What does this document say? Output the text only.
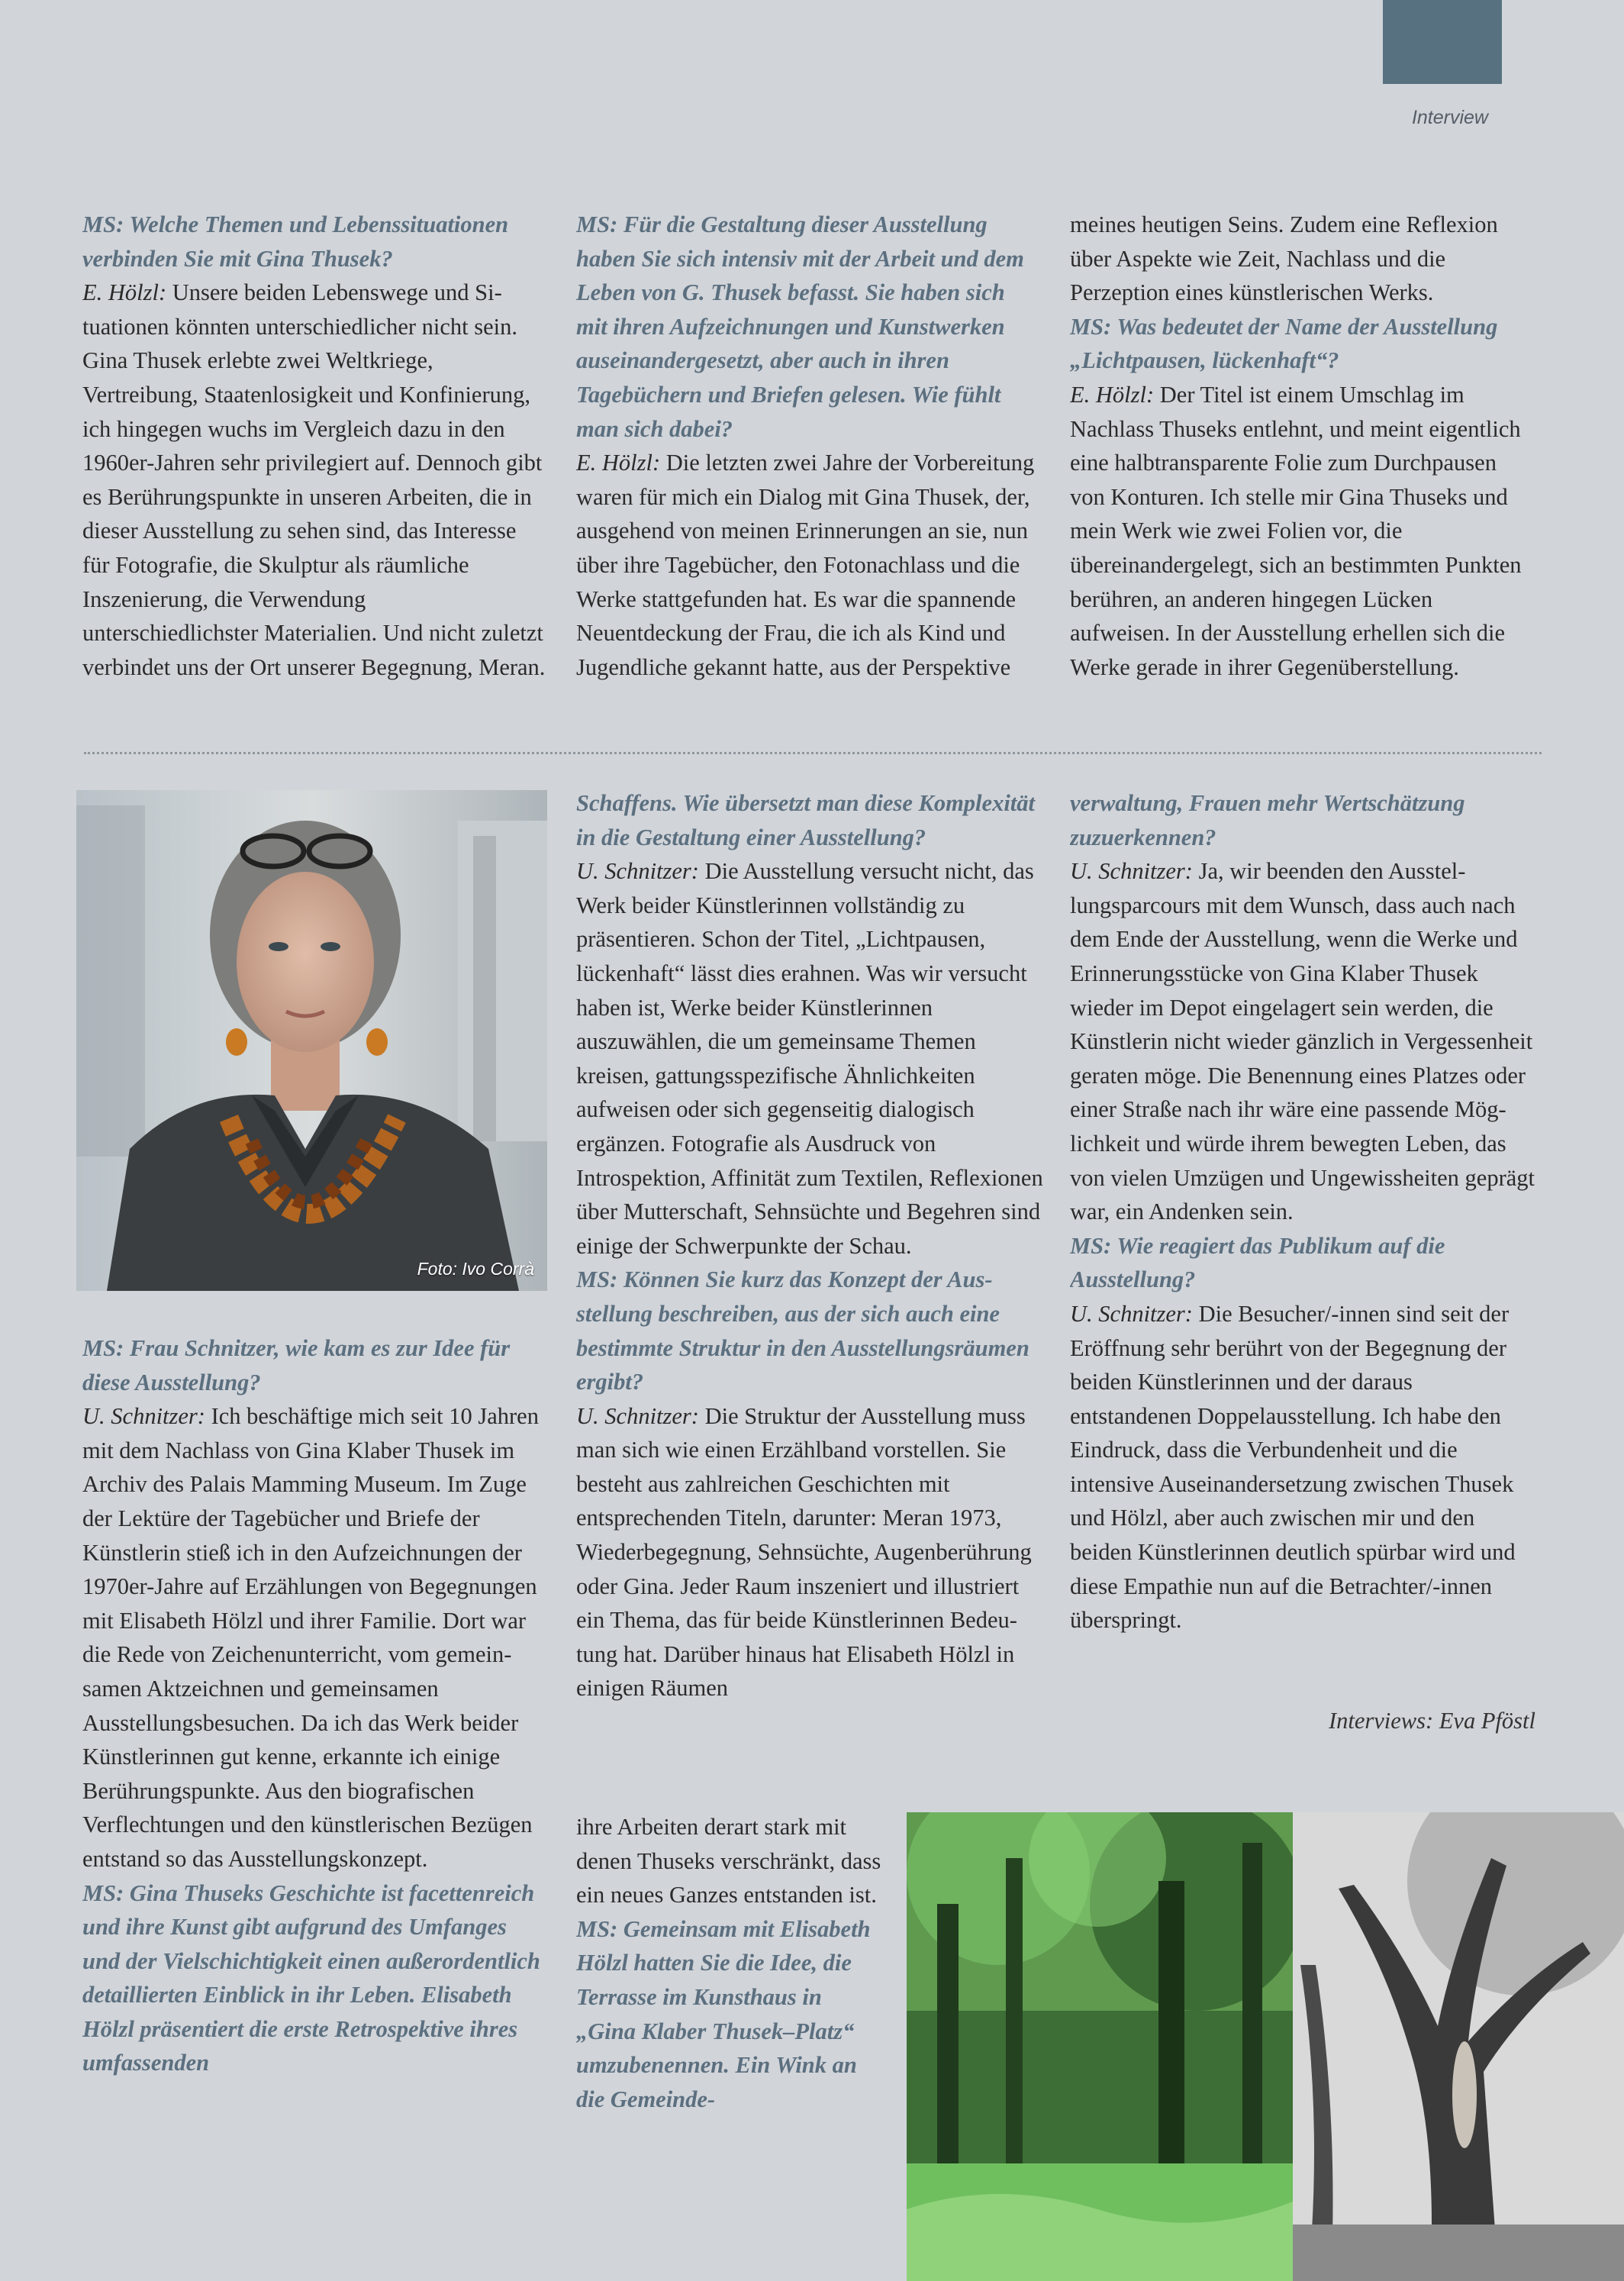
Interview

MS: Welche Themen und Lebenssituationen verbinden Sie mit Gina Thusek?

E. Hölzl: Unsere beiden Lebenswege und Situationen könnten unterschiedlicher nicht sein. Gina Thusek erlebte zwei Weltkriege, Vertreibung, Staatenlosigkeit und Konfinierung, ich hingegen wuchs im Vergleich dazu in den 1960er-Jahren sehr privilegiert auf. Dennoch gibt es Berührungspunkte in unseren Arbeiten, die in dieser Ausstellung zu sehen sind, das Interesse für Fotografie, die Skulptur als räumliche Inszenierung, die Verwendung unterschiedlichster Materialien. Und nicht zuletzt verbindet uns der Ort unserer Begegnung, Meran.

MS: Für die Gestaltung dieser Ausstellung haben Sie sich intensiv mit der Arbeit und dem Leben von G. Thusek befasst. Sie haben sich mit ihren Aufzeichnungen und Kunstwerken auseinandergesetzt, aber auch in ihren Tagebüchern und Briefen gelesen. Wie fühlt man sich dabei?

E. Hölzl: Die letzten zwei Jahre der Vorbereitung waren für mich ein Dialog mit Gina Thusek, der, ausgehend von meinen Erinnerungen an sie, nun über ihre Tagebücher, den Fotonachlass und die Werke stattgefunden hat. Es war die spannende Neuentdeckung der Frau, die ich als Kind und Jugendliche gekannt hatte, aus der Perspektive

meines heutigen Seins. Zudem eine Reflexion über Aspekte wie Zeit, Nachlass und die Perzeption eines künstlerischen Werks.

MS: Was bedeutet der Name der Ausstellung „Lichtpausen, lückenhaft“?

E. Hölzl: Der Titel ist einem Umschlag im Nachlass Thuseks entlehnt, und meint eigentlich eine halbtransparente Folie zum Durchpausen von Konturen. Ich stelle mir Gina Thuseks und mein Werk wie zwei Folien vor, die übereinandergelegt, sich an bestimmten Punkten berühren, an anderen hingegen Lücken aufweisen. In der Ausstellung erhellen sich die Werke gerade in ihrer Gegenüberstellung.

Foto: Ivo Corrà

MS: Frau Schnitzer, wie kam es zur Idee für diese Ausstellung?

U. Schnitzer: Ich beschäftige mich seit 10 Jahren mit dem Nachlass von Gina Klaber Thusek im Archiv des Palais Mamming Museum. Im Zuge der Lektüre der Tagebücher und Briefe der Künstlerin stieß ich in den Aufzeichnungen der 1970er-Jahre auf Erzählungen von Begegnungen mit Elisabeth Hölzl und ihrer Familie. Dort war die Rede von Zeichenunterricht, vom gemeinsamen Aktzeichnen und gemeinsamen Ausstellungsbesuchen. Da ich das Werk beider Künstlerinnen gut kenne, erkannte ich einige Berührungspunkte. Aus den biografischen Verflechtungen und den künstlerischen Bezügen entstand so das Ausstellungskonzept.

MS: Gina Thuseks Geschichte ist facettenreich und ihre Kunst gibt aufgrund des Umfanges und der Vielschichtigkeit einen außerordentlich detaillierten Einblick in ihr Leben. Elisabeth Hölzl präsentiert die erste Retrospektive ihres umfassenden

Schaffens. Wie übersetzt man diese Komplexität in die Gestaltung einer Ausstellung?

U. Schnitzer: Die Ausstellung versucht nicht, das Werk beider Künstlerinnen vollständig zu präsentieren. Schon der Titel, „Lichtpausen, lückenhaft“ lässt dies erahnen. Was wir versucht haben ist, Werke beider Künstlerinnen auszuwählen, die um gemeinsame Themen kreisen, gattungsspezifische Ähnlichkeiten aufweisen oder sich gegenseitig dialogisch ergänzen. Fotografie als Ausdruck von Introspektion, Affinität zum Textilen, Reflexionen über Mutterschaft, Sehnsüchte und Begehren sind einige der Schwerpunkte der Schau.

MS: Können Sie kurz das Konzept der Ausstellung beschreiben, aus der sich auch eine bestimmte Struktur in den Ausstellungsräumen ergibt?

U. Schnitzer: Die Struktur der Ausstellung muss man sich wie einen Erzählband vorstellen. Sie besteht aus zahlreichen Geschichten mit entsprechenden Titeln, darunter: Meran 1973, Wiederbegegnung, Sehnsüchte, Augenberührung oder Gina. Jeder Raum inszeniert und illustriert ein Thema, das für beide Künstlerinnen Bedeutung hat. Darüber hinaus hat Elisabeth Hölzl in einigen Räumen

ihre Arbeiten derart stark mit denen Thuseks verschränkt, dass ein neues Ganzes entstanden ist.

MS: Gemeinsam mit Elisabeth Hölzl hatten Sie die Idee, die Terrasse im Kunsthaus in „Gina Klaber Thusek–Platz“ umzubenennen. Ein Wink an die Gemeinde-

verwaltung, Frauen mehr Wertschätzung zuzuerkennen?

U. Schnitzer: Ja, wir beenden den Ausstellungsparcours mit dem Wunsch, dass auch nach dem Ende der Ausstellung, wenn die Werke und Erinnerungsstücke von Gina Klaber Thusek wieder im Depot eingelagert sein werden, die Künstlerin nicht wieder gänzlich in Vergessenheit geraten möge. Die Benennung eines Platzes oder einer Straße nach ihr wäre eine passende Möglichkeit und würde ihrem bewegten Leben, das von vielen Umzügen und Ungewissheiten geprägt war, ein Andenken sein.

MS: Wie reagiert das Publikum auf die Ausstellung?

U. Schnitzer: Die Besucher/-innen sind seit der Eröffnung sehr berührt von der Begegnung der beiden Künstlerinnen und der daraus entstandenen Doppelausstellung. Ich habe den Eindruck, dass die Verbundenheit und die intensive Auseinandersetzung zwischen Thusek und Hölzl, aber auch zwischen mir und den beiden Künstlerinnen deutlich spürbar wird und diese Empathie nun auf die Betrachter/-innen überspringt.

Interviews: Eva Pföstl
